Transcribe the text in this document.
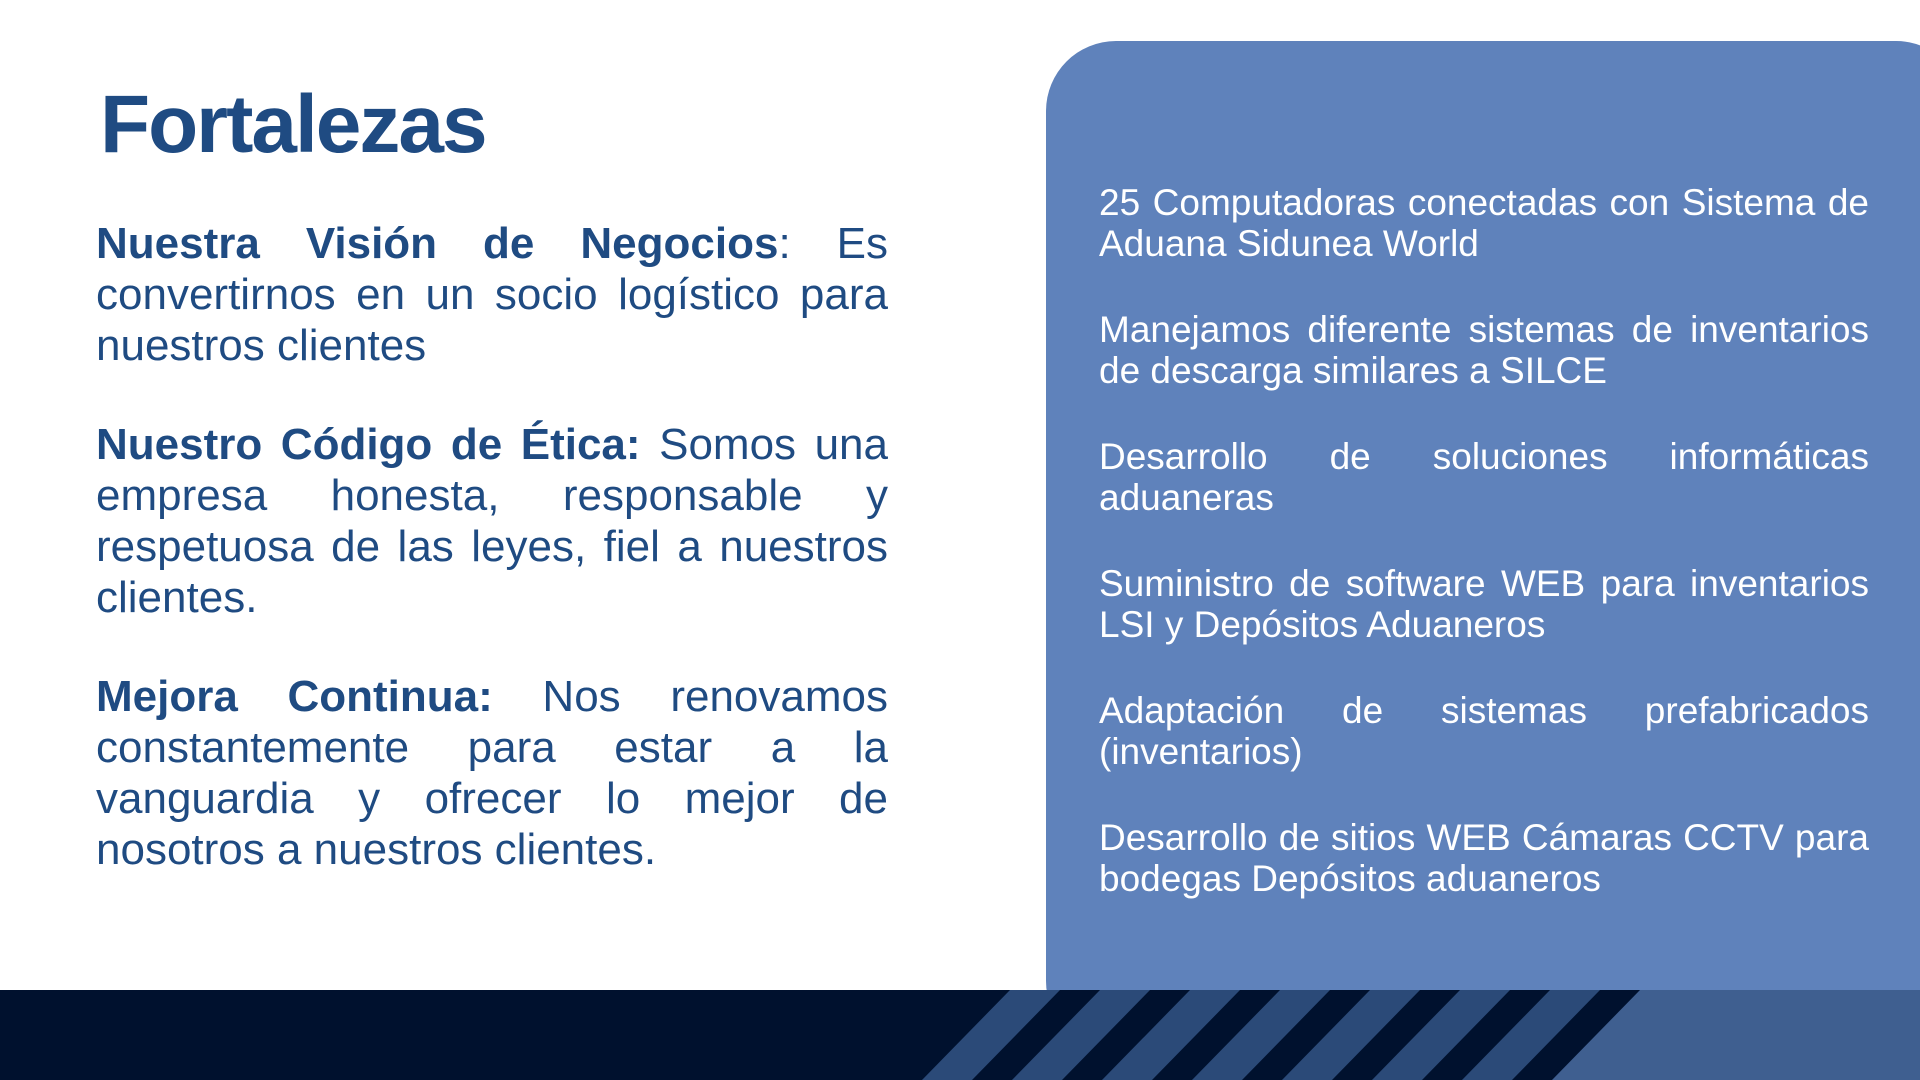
Fortalezas

Nuestra Visión de Negocios: Es convertirnos en un socio logístico para nuestros clientes

Nuestro Código de Ética: Somos una empresa honesta, responsable y respetuosa de las leyes, fiel a nuestros clientes.

Mejora Continua: Nos renovamos constantemente para estar a la vanguardia y ofrecer lo mejor de nosotros a nuestros clientes.

25 Computadoras conectadas con Sistema de Aduana Sidunea World

Manejamos diferente sistemas de inventarios de descarga similares a SILCE

Desarrollo de soluciones informáticas aduaneras

Suministro de software WEB para inventarios LSI y Depósitos Aduaneros

Adaptación de sistemas prefabricados (inventarios)

Desarrollo de sitios WEB Cámaras CCTV para bodegas Depósitos aduaneros
